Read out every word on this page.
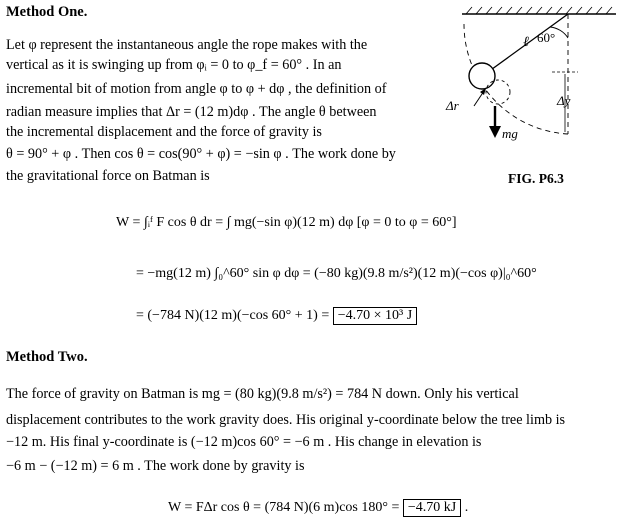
Method One.
Let φ represent the instantaneous angle the rope makes with the
vertical as it is swinging up from φᵢ = 0 to φ_f = 60° . In an
incremental bit of motion from angle φ to φ + dφ , the definition of
radian measure implies that Δr = (12 m)dφ . The angle θ between
the incremental displacement and the force of gravity is
θ = 90° + φ . Then cos θ = cos(90° + φ) = −sin φ . The work done by
the gravitational force on Batman is
60°
ℓ
Δr
mg
Δy
FIG. P6.3
W = ∫ᵢᶠ F cos θ dr = ∫ mg(−sin φ)(12 m) dφ [φ = 0 to φ = 60°]
= −mg(12 m) ∫₀^60° sin φ dφ = (−80 kg)(9.8 m/s²)(12 m)(−cos φ)|₀^60°
= (−784 N)(12 m)(−cos 60° + 1) = −4.70 × 10³ J
Method Two.
The force of gravity on Batman is mg = (80 kg)(9.8 m/s²) = 784 N down. Only his vertical
displacement contributes to the work gravity does. His original y-coordinate below the tree limb is
−12 m. His final y-coordinate is (−12 m)cos 60° = −6 m . His change in elevation is
−6 m − (−12 m) = 6 m . The work done by gravity is
W = FΔr cos θ = (784 N)(6 m)cos 180° = −4.70 kJ .
